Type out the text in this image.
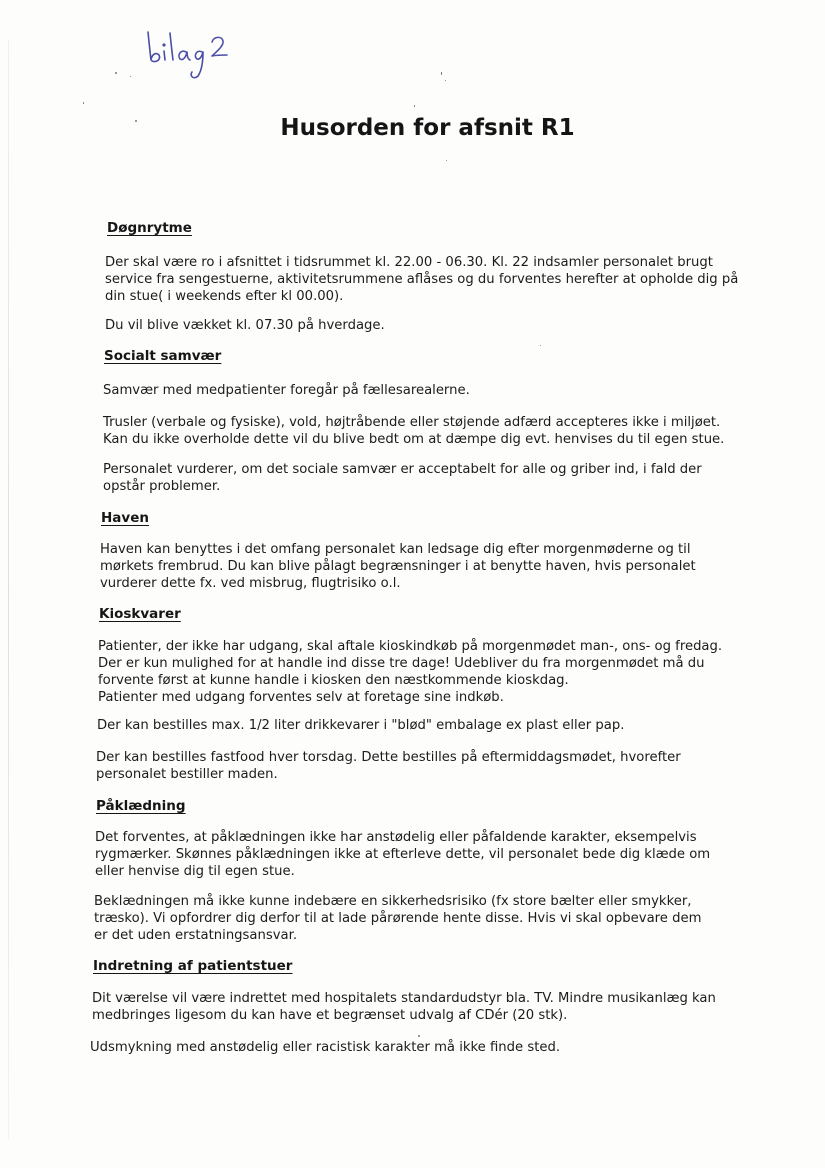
Husorden for afsnit R1
Døgnrytme

Der skal være ro i afsnittet i tidsrummet kl. 22.00 - 06.30. Kl. 22 indsamler personalet brugt
service fra sengestuerne, aktivitetsrummene aflåses og du forventes herefter at opholde dig på
din stue( i weekends efter kl 00.00).

Du vil blive vækket kl. 07.30 på hverdage.

Socialt samvær

Samvær med medpatienter foregår på fællesarealerne.

Trusler (verbale og fysiske), vold, højtråbende eller støjende adfærd accepteres ikke i miljøet.
Kan du ikke overholde dette vil du blive bedt om at dæmpe dig evt. henvises du til egen stue.

Personalet vurderer, om det sociale samvær er acceptabelt for alle og griber ind, i fald der
opstår problemer.

Haven

Haven kan benyttes i det omfang personalet kan ledsage dig efter morgenmøderne og til
mørkets frembrud. Du kan blive pålagt begrænsninger i at benytte haven, hvis personalet
vurderer dette fx. ved misbrug, flugtrisiko o.l.

Kioskvarer

Patienter, der ikke har udgang, skal aftale kioskindkøb på morgenmødet man-, ons- og fredag.
Der er kun mulighed for at handle ind disse tre dage! Udebliver du fra morgenmødet må du
forvente først at kunne handle i kiosken den næstkommende kioskdag.
Patienter med udgang forventes selv at foretage sine indkøb.

Der kan bestilles max. 1/2 liter drikkevarer i "blød" embalage ex plast eller pap.

Der kan bestilles fastfood hver torsdag. Dette bestilles på eftermiddagsmødet, hvorefter
personalet bestiller maden.

Påklædning

Det forventes, at påklædningen ikke har anstødelig eller påfaldende karakter, eksempelvis
rygmærker. Skønnes påklædningen ikke at efterleve dette, vil personalet bede dig klæde om
eller henvise dig til egen stue.

Beklædningen må ikke kunne indebære en sikkerhedsrisiko (fx store bælter eller smykker,
træsko). Vi opfordrer dig derfor til at lade pårørende hente disse. Hvis vi skal opbevare dem
er det uden erstatningsansvar.

Indretning af patientstuer

Dit værelse vil være indrettet med hospitalets standardudstyr bla. TV. Mindre musikanlæg kan
medbringes ligesom du kan have et begrænset udvalg af CDér (20 stk).

Udsmykning med anstødelig eller racistisk karakter må ikke finde sted.
